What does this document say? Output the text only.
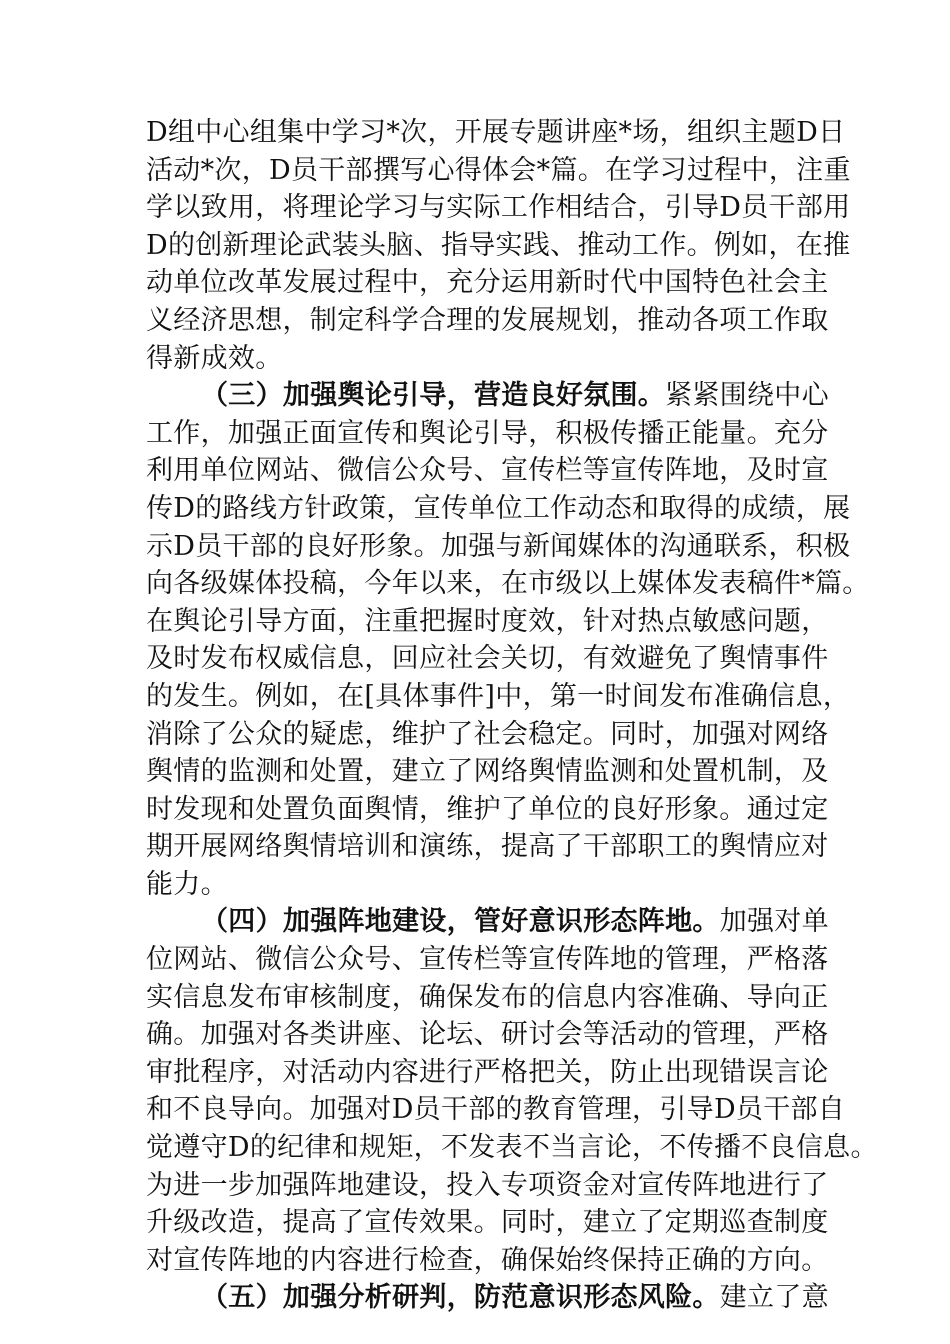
D组中心组集中学习*次，开展专题讲座*场，组织主题D日
活动*次，D员干部撰写心得体会*篇。在学习过程中，注重
学以致用，将理论学习与实际工作相结合，引导D员干部用
D的创新理论武装头脑、指导实践、推动工作。例如，在推
动单位改革发展过程中，充分运用新时代中国特色社会主
义经济思想，制定科学合理的发展规划，推动各项工作取
得新成效。
（三）加强舆论引导，营造良好氛围。紧紧围绕中心
工作，加强正面宣传和舆论引导，积极传播正能量。充分
利用单位网站、微信公众号、宣传栏等宣传阵地，及时宣
传D的路线方针政策，宣传单位工作动态和取得的成绩，展
示D员干部的良好形象。加强与新闻媒体的沟通联系，积极
向各级媒体投稿，今年以来，在市级以上媒体发表稿件*篇。
在舆论引导方面，注重把握时度效，针对热点敏感问题，
及时发布权威信息，回应社会关切，有效避免了舆情事件
的发生。例如，在[具体事件]中，第一时间发布准确信息，
消除了公众的疑虑，维护了社会稳定。同时，加强对网络
舆情的监测和处置，建立了网络舆情监测和处置机制，及
时发现和处置负面舆情，维护了单位的良好形象。通过定
期开展网络舆情培训和演练，提高了干部职工的舆情应对
能力。
（四）加强阵地建设，管好意识形态阵地。加强对单
位网站、微信公众号、宣传栏等宣传阵地的管理，严格落
实信息发布审核制度，确保发布的信息内容准确、导向正
确。加强对各类讲座、论坛、研讨会等活动的管理，严格
审批程序，对活动内容进行严格把关，防止出现错误言论
和不良导向。加强对D员干部的教育管理，引导D员干部自
觉遵守D的纪律和规矩，不发表不当言论，不传播不良信息。
为进一步加强阵地建设，投入专项资金对宣传阵地进行了
升级改造，提高了宣传效果。同时，建立了定期巡查制度
对宣传阵地的内容进行检查，确保始终保持正确的方向。
（五）加强分析研判，防范意识形态风险。建立了意
